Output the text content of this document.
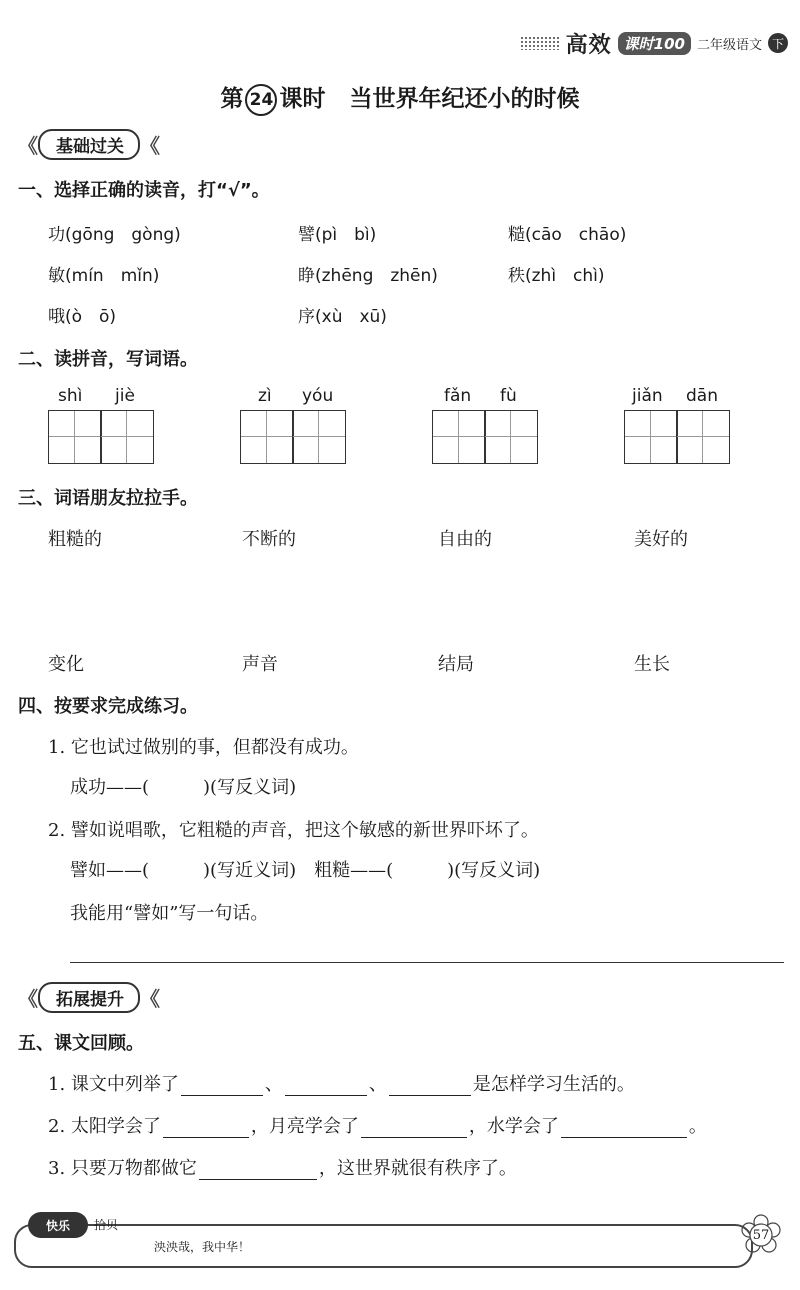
高效 课时100 二年级语文 下
第 24 课时 当世界年纪还小的时候
《	基础过关 《
一、选择正确的读音，打“√”。
功(gōng　gòng)	譬(pì　bì)	糙(cāo　chāo)
敏(mín　mǐn)	睁(zhēng　zhēn)	秩(zhì　chì)
哦(ò　ō)	序(xù　xū)
二、读拼音，写词语。
shì jiè	zì yóu	fǎn fù	jiǎn dān
三、词语朋友拉拉手。
粗糙的	不断的	自由的	美好的
变化	声音	结局	生长
四、按要求完成练习。
1. 它也试过做别的事，但都没有成功。
成功——(　　　)(写反义词)
2. 譬如说唱歌，它粗糙的声音，把这个敏感的新世界吓坏了。
譬如——(　　　)(写近义词)　粗糙——(　　　)(写反义词)
我能用“譬如”写一句话。
《	拓展提升 《
五、课文回顾。
1. 课文中列举了	、	、	是怎样学习生活的。
2. 太阳学会了	，月亮学会了	，水学会了	。
3. 只要万物都做它	，这世界就很有秩序了。
快乐	拾贝
泱泱哉，我中华！
57
